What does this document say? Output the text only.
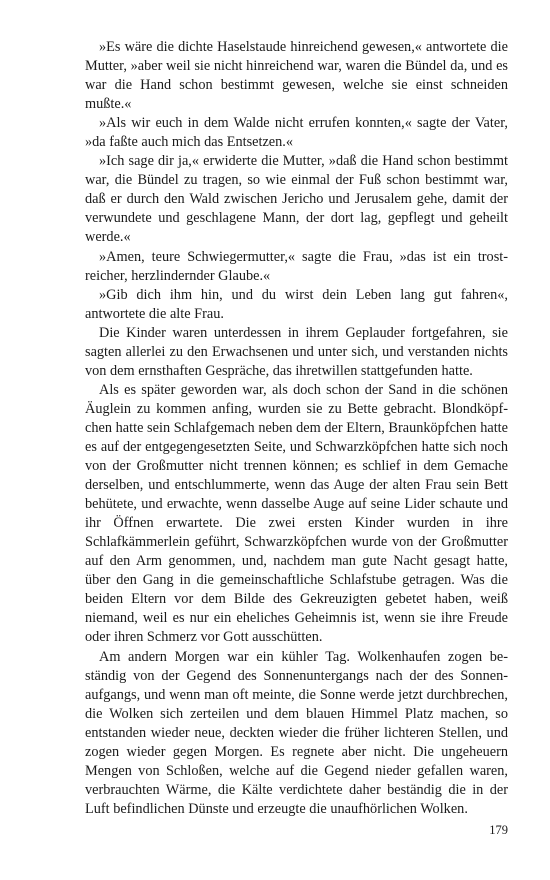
»Es wäre die dichte Haselstaude hinreichend gewesen,« antwortete die Mutter, »aber weil sie nicht hinreichend war, waren die Bündel da, und es war die Hand schon bestimmt gewesen, welche sie einst schneiden mußte.«

»Als wir euch in dem Walde nicht errufen konnten,« sagte der Vater, »da faßte auch mich das Entsetzen.«

»Ich sage dir ja,« erwiderte die Mutter, »daß die Hand schon bestimmt war, die Bündel zu tragen, so wie einmal der Fuß schon bestimmt war, daß er durch den Wald zwischen Jericho und Jerusalem gehe, damit der verwundete und geschlagene Mann, der dort lag, gepflegt und geheilt werde.«

»Amen, teure Schwiegermutter,« sagte die Frau, »das ist ein trostreicher, herzlindernder Glaube.«

»Gib dich ihm hin, und du wirst dein Leben lang gut fahren«, antwortete die alte Frau.

Die Kinder waren unterdessen in ihrem Geplauder fortgefahren, sie sagten allerlei zu den Erwachsenen und unter sich, und verstanden nichts von dem ernsthaften Gespräche, das ihretwillen stattgefunden hatte.

Als es später geworden war, als doch schon der Sand in die schönen Äuglein zu kommen anfing, wurden sie zu Bette gebracht. Blondköpfchen hatte sein Schlafgemach neben dem der Eltern, Braunköpfchen hatte es auf der entgegengesetzten Seite, und Schwarzköpfchen hatte sich noch von der Großmutter nicht trennen können; es schlief in dem Gemache derselben, und entschlummerte, wenn das Auge der alten Frau sein Bett behütete, und erwachte, wenn dasselbe Auge auf seine Lider schaute und ihr Öffnen erwartete. Die zwei ersten Kinder wurden in ihre Schlafkämmerlein geführt, Schwarzköpfchen wurde von der Großmutter auf den Arm genommen, und, nachdem man gute Nacht gesagt hatte, über den Gang in die gemeinschaftliche Schlafstube getragen. Was die beiden Eltern vor dem Bilde des Gekreuzigten gebetet haben, weiß niemand, weil es nur ein eheliches Geheimnis ist, wenn sie ihre Freude oder ihren Schmerz vor Gott ausschütten.

Am andern Morgen war ein kühler Tag. Wolkenhaufen zogen beständig von der Gegend des Sonnenuntergangs nach der des Sonnenaufgangs, und wenn man oft meinte, die Sonne werde jetzt durchbrechen, die Wolken sich zerteilen und dem blauen Himmel Platz machen, so entstanden wieder neue, deckten wieder die früher lichteren Stellen, und zogen wieder gegen Morgen. Es regnete aber nicht. Die ungeheuern Mengen von Schloßen, welche auf die Gegend nieder gefallen waren, verbrauchten Wärme, die Kälte verdichtete daher beständig die in der Luft befindlichen Dünste und erzeugte die unaufhörlichen Wolken.

179
